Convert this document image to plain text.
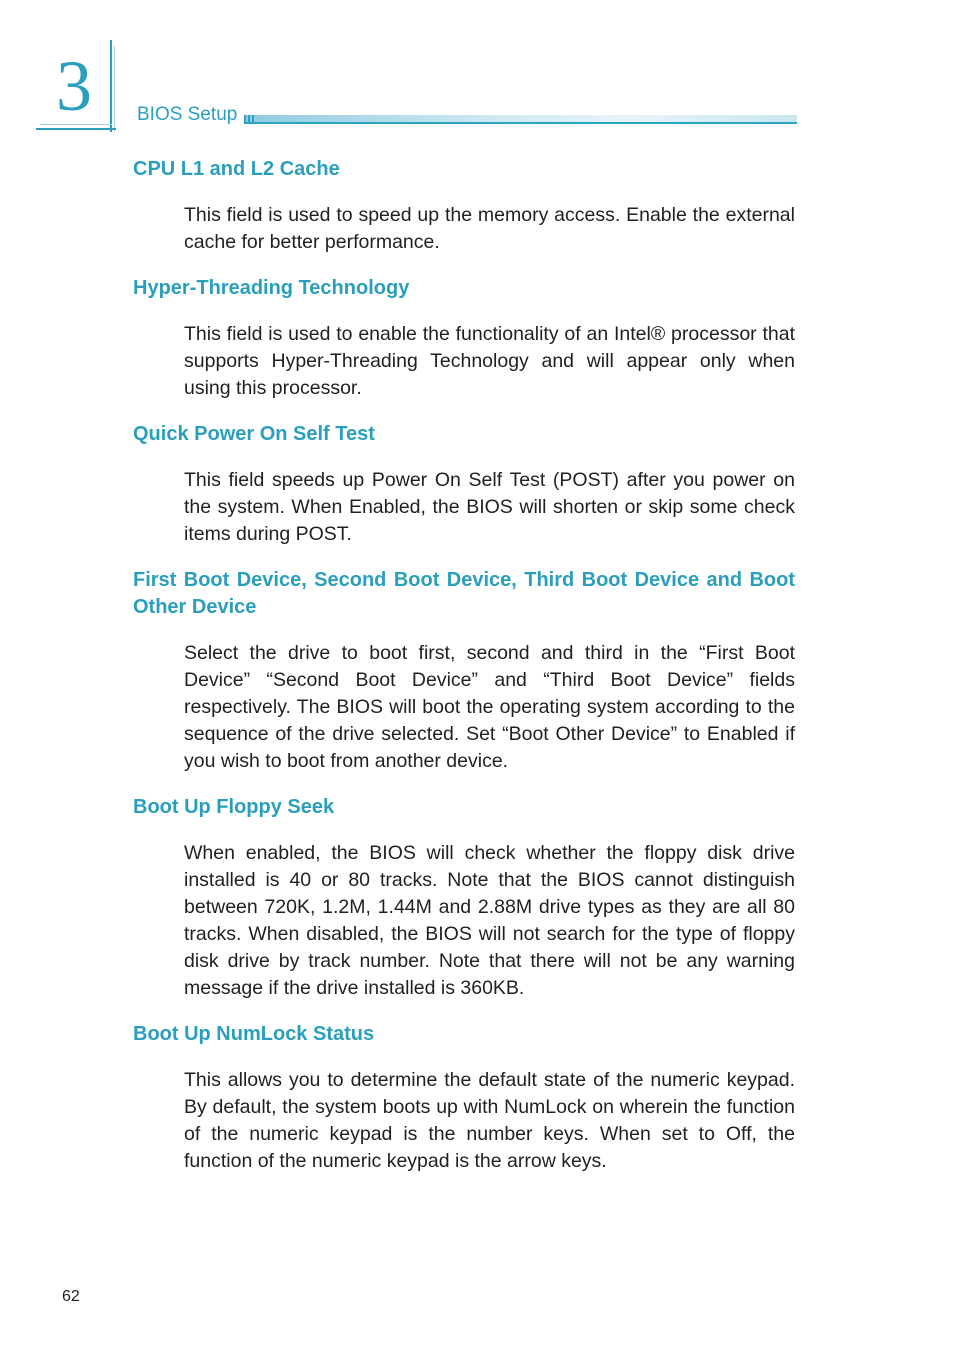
3 BIOS Setup
CPU L1 and L2 Cache

This field is used to speed up the memory access. Enable the external cache for better performance.

Hyper-Threading Technology

This field is used to enable the functionality of an Intel® processor that supports Hyper-Threading Technology and will appear only when using this processor.

Quick Power On Self Test

This field speeds up Power On Self Test (POST) after you power on the system. When Enabled, the BIOS will shorten or skip some check items during POST.

First Boot Device, Second Boot Device, Third Boot Device and Boot Other Device

Select the drive to boot first, second and third in the “First Boot Device” “Second Boot Device” and “Third Boot Device” fields respectively. The BIOS will boot the operating system according to the sequence of the drive selected. Set “Boot Other Device” to Enabled if you wish to boot from another device.

Boot Up Floppy Seek

When enabled, the BIOS will check whether the floppy disk drive installed is 40 or 80 tracks. Note that the BIOS cannot distinguish between 720K, 1.2M, 1.44M and 2.88M drive types as they are all 80 tracks. When disabled, the BIOS will not search for the type of floppy disk drive by track number. Note that there will not be any warning message if the drive installed is 360KB.

Boot Up NumLock Status

This allows you to determine the default state of the numeric keypad. By default, the system boots up with NumLock on wherein the function of the numeric keypad is the number keys. When set to Off, the function of the numeric keypad is the arrow keys.

62
